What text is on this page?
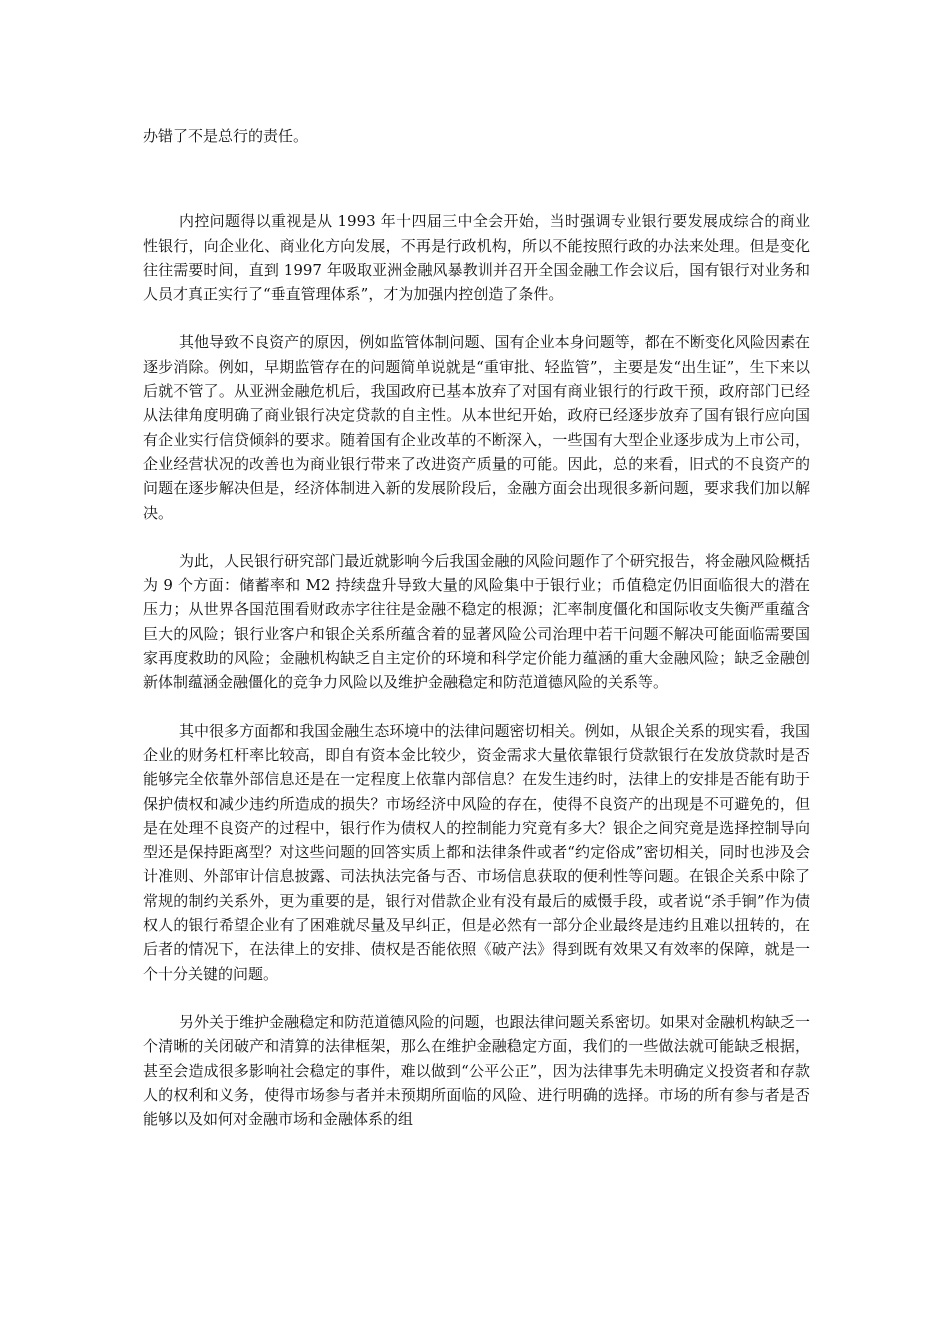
办错了不是总行的责任。

内控问题得以重视是从 1993 年十四届三中全会开始，当时强调专业银行要发展成综合的商业性银行，向企业化、商业化方向发展，不再是行政机构，所以不能按照行政的办法来处理。但是变化往往需要时间，直到 1997 年吸取亚洲金融风暴教训并召开全国金融工作会议后，国有银行对业务和人员才真正实行了“垂直管理体系”，才为加强内控创造了条件。

其他导致不良资产的原因，例如监管体制问题、国有企业本身问题等，都在不断变化风险因素在逐步消除。例如，早期监管存在的问题简单说就是“重审批、轻监管”，主要是发“出生证”，生下来以后就不管了。从亚洲金融危机后，我国政府已基本放弃了对国有商业银行的行政干预，政府部门已经从法律角度明确了商业银行决定贷款的自主性。从本世纪开始，政府已经逐步放弃了国有银行应向国有企业实行信贷倾斜的要求。随着国有企业改革的不断深入，一些国有大型企业逐步成为上市公司，企业经营状况的改善也为商业银行带来了改进资产质量的可能。因此，总的来看，旧式的不良资产的问题在逐步解决但是，经济体制进入新的发展阶段后，金融方面会出现很多新问题，要求我们加以解决。

为此，人民银行研究部门最近就影响今后我国金融的风险问题作了个研究报告，将金融风险概括为 9 个方面：储蓄率和 M2 持续盘升导致大量的风险集中于银行业；币值稳定仍旧面临很大的潜在压力；从世界各国范围看财政赤字往往是金融不稳定的根源；汇率制度僵化和国际收支失衡严重蕴含巨大的风险；银行业客户和银企关系所蕴含着的显著风险公司治理中若干问题不解决可能面临需要国家再度救助的风险；金融机构缺乏自主定价的环境和科学定价能力蕴涵的重大金融风险；缺乏金融创新体制蕴涵金融僵化的竞争力风险以及维护金融稳定和防范道德风险的关系等。

其中很多方面都和我国金融生态环境中的法律问题密切相关。例如，从银企关系的现实看，我国企业的财务杠杆率比较高，即自有资本金比较少，资金需求大量依靠银行贷款银行在发放贷款时是否能够完全依靠外部信息还是在一定程度上依靠内部信息？在发生违约时，法律上的安排是否能有助于保护债权和减少违约所造成的损失？市场经济中风险的存在，使得不良资产的出现是不可避免的，但是在处理不良资产的过程中，银行作为债权人的控制能力究竟有多大？银企之间究竟是选择控制导向型还是保持距离型？对这些问题的回答实质上都和法律条件或者“约定俗成”密切相关，同时也涉及会计准则、外部审计信息披露、司法执法完备与否、市场信息获取的便利性等问题。在银企关系中除了常规的制约关系外，更为重要的是，银行对借款企业有没有最后的威慑手段，或者说“杀手锏”作为债权人的银行希望企业有了困难就尽量及早纠正，但是必然有一部分企业最终是违约且难以扭转的，在后者的情况下，在法律上的安排、债权是否能依照《破产法》得到既有效果又有效率的保障，就是一个十分关键的问题。

另外关于维护金融稳定和防范道德风险的问题，也跟法律问题关系密切。如果对金融机构缺乏一个清晰的关闭破产和清算的法律框架，那么在维护金融稳定方面，我们的一些做法就可能缺乏根据，甚至会造成很多影响社会稳定的事件，难以做到“公平公正”，因为法律事先未明确定义投资者和存款人的权利和义务，使得市场参与者并未预期所面临的风险、进行明确的选择。市场的所有参与者是否能够以及如何对金融市场和金融体系的组
